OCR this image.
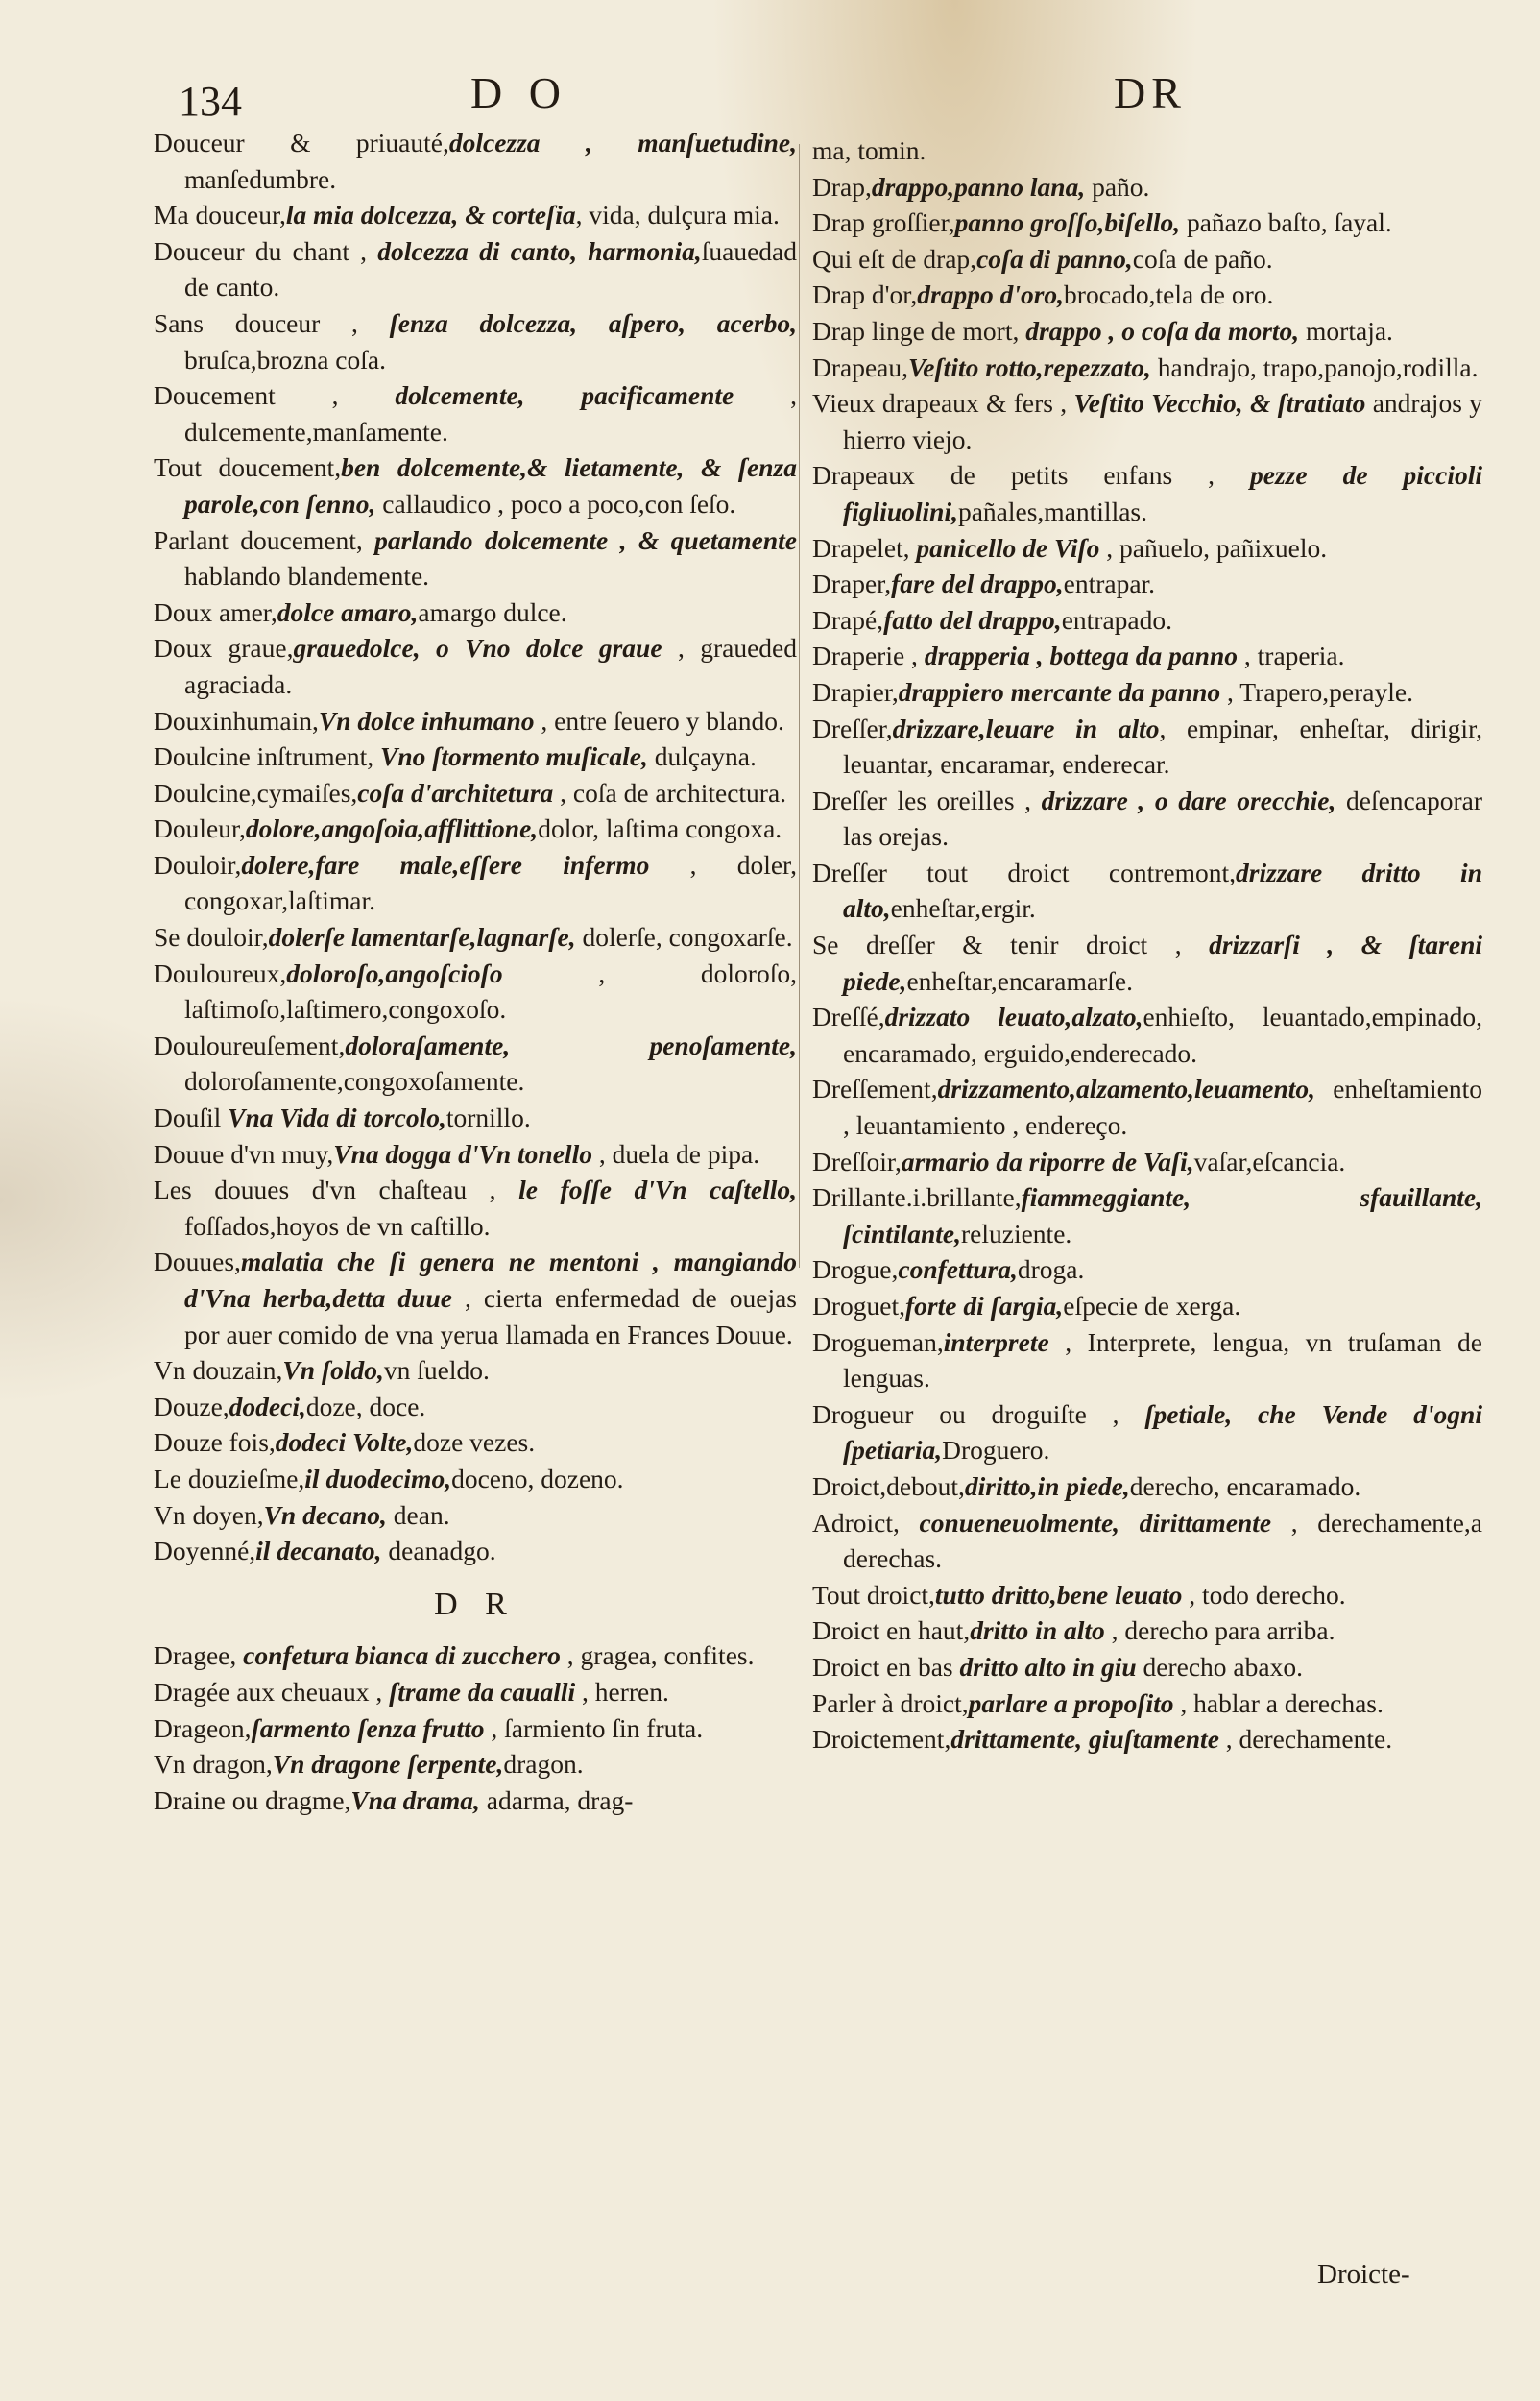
134	D O	DR

Douceur & priuauté,dolcezza , manſuetudine, manſedumbre.

Ma douceur,la mia dolcezza, & corteſia, vida, dulçura mia.

Douceur du chant , dolcezza di canto, harmonia,ſuauedad de canto.

Sans douceur , ſenza dolcezza, aſpero, acerbo, bruſca,brozna coſa.

Doucement , dolcemente, pacificamente , dulcemente,manſamente.

Tout doucement,ben dolcemente,& lietamente, & ſenza parole,con ſenno, callaudico , poco a poco,con ſeſo.

Parlant doucement, parlando dolcemente , & quetamente hablando blandemente.

Doux amer,dolce amaro,amargo dulce.

Doux graue,grauedolce, o Vno dolce graue , graueded agraciada.

Douxinhumain,Vn dolce inhumano , entre ſeuero y blando.

Doulcine inſtrument, Vno ſtormento muſicale, dulçayna.

Doulcine,cymaiſes,coſa d'architetura , coſa de architectura.

Douleur,dolore,angoſoia,afflittione,dolor, laſtima congoxa.

Douloir,dolere,fare male,eſſere infermo , doler, congoxar,laſtimar.

Se douloir,dolerſe lamentarſe,lagnarſe, dolerſe, congoxarſe.

Douloureux,doloroſo,angoſcioſo , doloroſo, laſtimoſo,laſtimero,congoxoſo.

Douloureuſement,doloraſamente, penoſamente, doloroſamente,congoxoſamente.

Douſil Vna Vida di torcolo,tornillo.

Douue d'vn muy,Vna dogga d'Vn tonello , duela de pipa.

Les douues d'vn chaſteau , le foſſe d'Vn caſtello, foſſados,hoyos de vn caſtillo.

Douues,malatia che ſi genera ne mentoni , mangiando d'Vna herba,detta duue , cierta enfermedad de ouejas por auer comido de vna yerua llamada en Frances Douue.

Vn douzain,Vn ſoldo,vn ſueldo.

Douze,dodeci,doze, doce.

Douze fois,dodeci Volte,doze vezes.

Le douzieſme,il duodecimo,doceno, dozeno.

Vn doyen,Vn decano, dean.

Doyenné,il decanato, deanadgo.

D R

Dragee, confetura bianca di zucchero , gragea, confites.

Dragée aux cheuaux , ſtrame da caualli , herren.

Drageon,ſarmento ſenza frutto , ſarmiento ſin fruta.

Vn dragon,Vn dragone ſerpente,dragon.

Draine ou dragme,Vna drama, adarma, drag-

ma, tomin.

Drap,drappo,panno lana, paño.

Drap groſſier,panno groſſo,biſello, pañazo baſto, ſayal.

Qui eſt de drap,coſa di panno,coſa de paño.

Drap d'or,drappo d'oro,brocado,tela de oro.

Drap linge de mort, drappo , o coſa da morto, mortaja.

Drapeau,Veſtito rotto,repezzato, handrajo, trapo,panojo,rodilla.

Vieux drapeaux & fers , Veſtito Vecchio, & ſtratiato andrajos y hierro viejo.

Drapeaux de petits enfans , pezze de piccioli figliuolini,pañales,mantillas.

Drapelet, panicello de Viſo , pañuelo, pañixuelo.

Draper,fare del drappo,entrapar.

Drapé,fatto del drappo,entrapado.

Draperie , drapperia , bottega da panno , traperia.

Drapier,drappiero mercante da panno , Trapero,perayle.

Dreſſer,drizzare,leuare in alto, empinar, enheſtar, dirigir, leuantar, encaramar, enderecar.

Dreſſer les oreilles , drizzare , o dare orecchie, deſencaporar las orejas.

Dreſſer tout droict contremont,drizzare dritto in alto,enheſtar,ergir.

Se dreſſer & tenir droict , drizzarſi , & ſtareni piede,enheſtar,encaramarſe.

Dreſſé,drizzato leuato,alzato,enhieſto, leuantado,empinado, encaramado, erguido,enderecado.

Dreſſement,drizzamento,alzamento,leuamento, enheſtamiento , leuantamiento , endereço.

Dreſſoir,armario da riporre de Vaſi,vaſar,eſcancia.

Drillante.i.brillante,fiammeggiante, sfauillante, ſcintilante,reluziente.

Drogue,confettura,droga.

Droguet,forte di ſargia,eſpecie de xerga.

Drogueman,interprete , Interprete, lengua, vn truſaman de lenguas.

Drogueur ou droguiſte , ſpetiale, che Vende d'ogni ſpetiaria,Droguero.

Droict,debout,diritto,in piede,derecho, encaramado.

Adroict, conueneuolmente, dirittamente , derechamente,a derechas.

Tout droict,tutto dritto,bene leuato , todo derecho.

Droict en haut,dritto in alto , derecho para arriba.

Droict en bas dritto alto in giu derecho abaxo.

Parler à droict,parlare a propoſito , hablar a derechas.

Droictement,drittamente, giuſtamente , derechamente.

Droicte-
